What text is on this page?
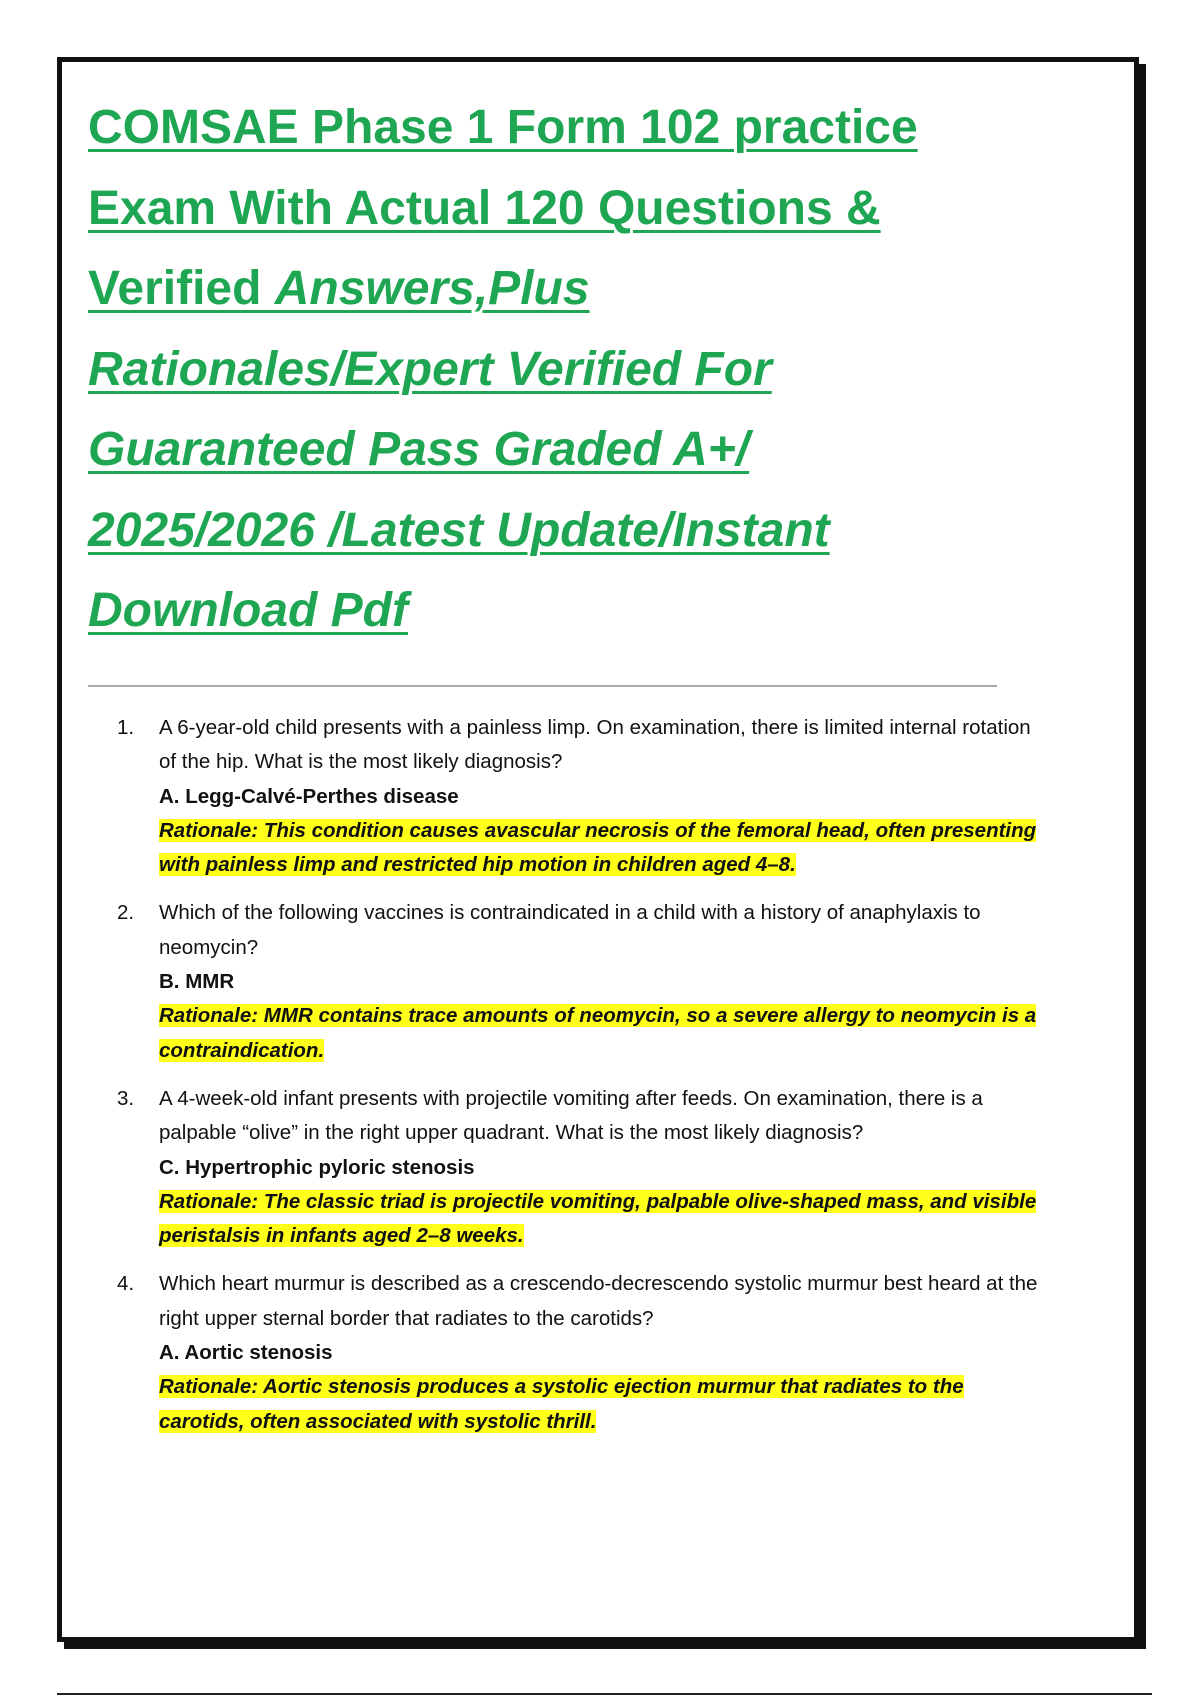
COMSAE Phase 1 Form 102 practice
Exam With Actual 120 Questions &
Verified Answers,Plus
Rationales/Expert Verified For
Guaranteed Pass Graded A+/
2025/2026 /Latest Update/Instant
Download Pdf
1. A 6-year-old child presents with a painless limp. On examination, there is limited internal rotation of the hip. What is the most likely diagnosis?
A. Legg-Calvé-Perthes disease
Rationale: This condition causes avascular necrosis of the femoral head, often presenting with painless limp and restricted hip motion in children aged 4–8.
2. Which of the following vaccines is contraindicated in a child with a history of anaphylaxis to neomycin?
B. MMR
Rationale: MMR contains trace amounts of neomycin, so a severe allergy to neomycin is a contraindication.
3. A 4-week-old infant presents with projectile vomiting after feeds. On examination, there is a palpable “olive” in the right upper quadrant. What is the most likely diagnosis?
C. Hypertrophic pyloric stenosis
Rationale: The classic triad is projectile vomiting, palpable olive-shaped mass, and visible peristalsis in infants aged 2–8 weeks.
4. Which heart murmur is described as a crescendo-decrescendo systolic murmur best heard at the right upper sternal border that radiates to the carotids?
A. Aortic stenosis
Rationale: Aortic stenosis produces a systolic ejection murmur that radiates to the carotids, often associated with systolic thrill.
